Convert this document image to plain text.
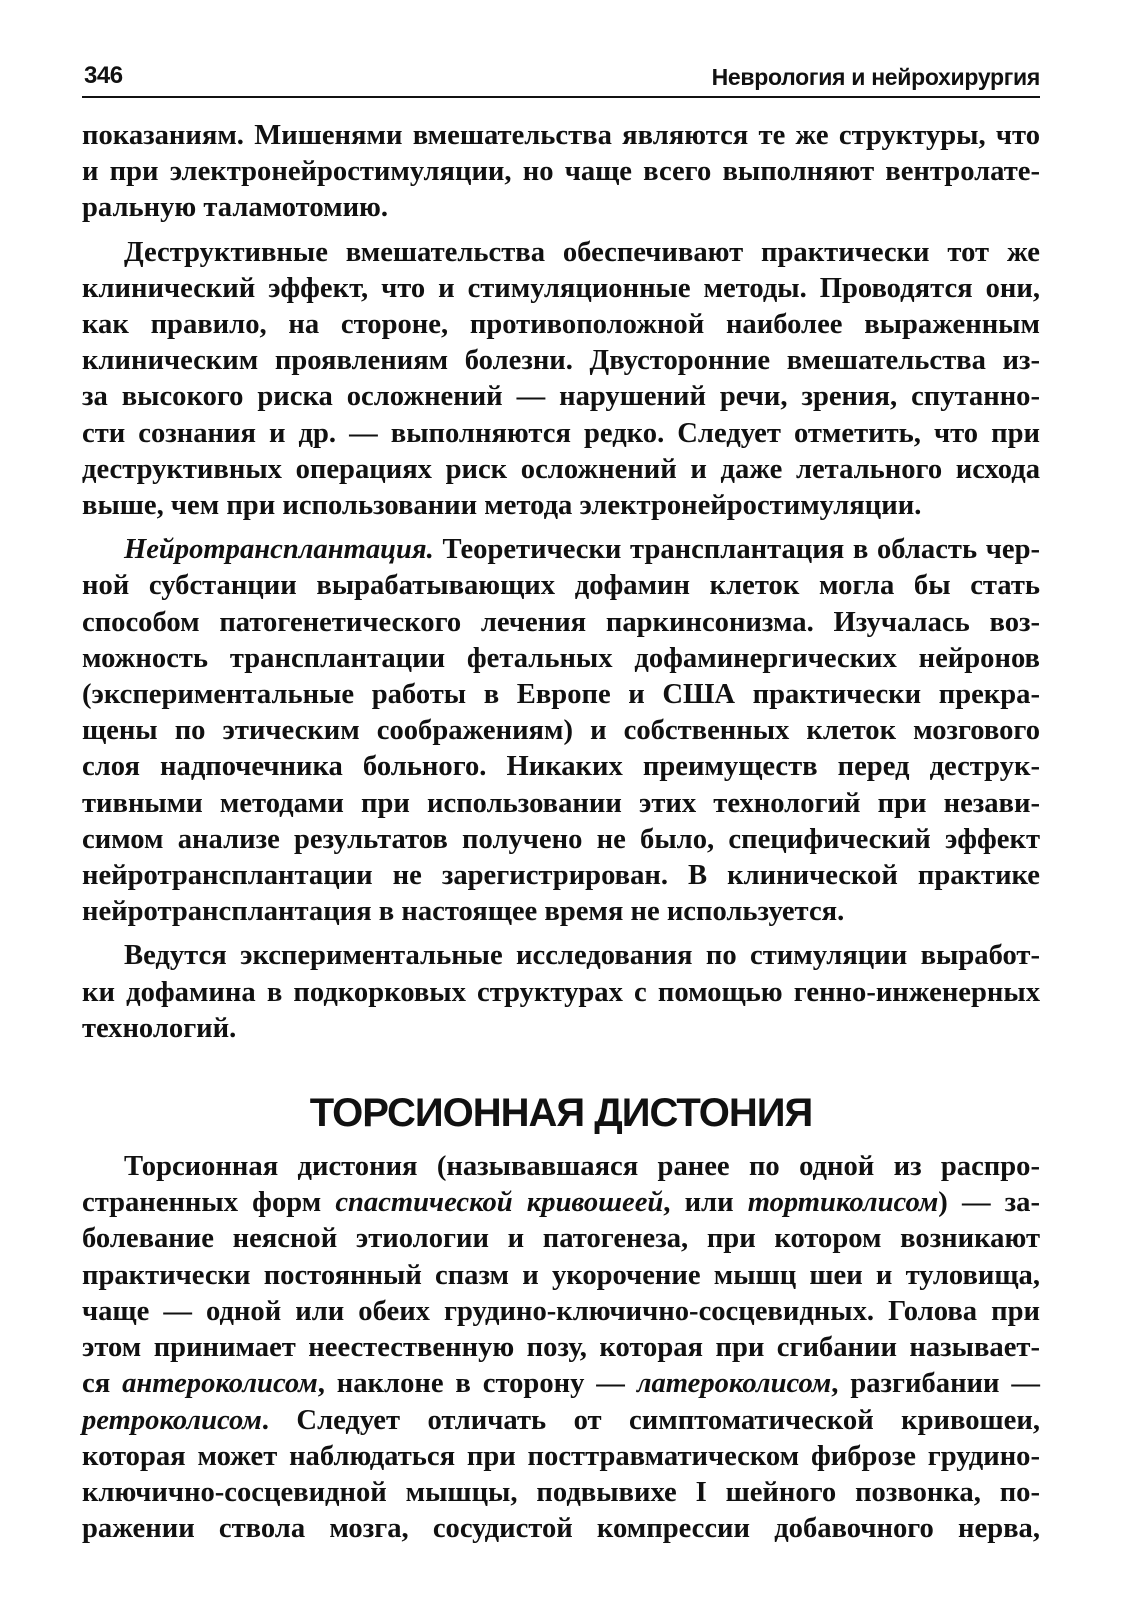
346	Неврология и нейрохирургия
показаниям. Мишенями вмешательства являются те же структуры, что
и при электронейростимуляции, но чаще всего выполняют вентролате-
ральную таламотомию.
Деструктивные вмешательства обеспечивают практически тот же
клинический эффект, что и стимуляционные методы. Проводятся они,
как правило, на стороне, противоположной наиболее выраженным
клиническим проявлениям болезни. Двусторонние вмешательства из-
за высокого риска осложнений — нарушений речи, зрения, спутанно-
сти сознания и др. — выполняются редко. Следует отметить, что при
деструктивных операциях риск осложнений и даже летального исхода
выше, чем при использовании метода электронейростимуляции.
Нейротрансплантация. Теоретически трансплантация в область чер-
ной субстанции вырабатывающих дофамин клеток могла бы стать
способом патогенетического лечения паркинсонизма. Изучалась воз-
можность трансплантации фетальных дофаминергических нейронов
(экспериментальные работы в Европе и США практически прекра-
щены по этическим соображениям) и собственных клеток мозгового
слоя надпочечника больного. Никаких преимуществ перед деструк-
тивными методами при использовании этих технологий при незави-
симом анализе результатов получено не было, специфический эффект
нейротрансплантации не зарегистрирован. В клинической практике
нейротрансплантация в настоящее время не используется.
Ведутся экспериментальные исследования по стимуляции выработ-
ки дофамина в подкорковых структурах с помощью генно-инженерных
технологий.
ТОРСИОННАЯ ДИСТОНИЯ
Торсионная дистония (называвшаяся ранее по одной из распро-
страненных форм спастической кривошеей, или тортиколисом) — за-
болевание неясной этиологии и патогенеза, при котором возникают
практически постоянный спазм и укорочение мышц шеи и туловища,
чаще — одной или обеих грудино-ключично-сосцевидных. Голова при
этом принимает неестественную позу, которая при сгибании называет-
ся антероколисом, наклоне в сторону — латероколисом, разгибании —
ретроколисом. Следует отличать от симптоматической кривошеи,
которая может наблюдаться при посттравматическом фиброзе грудино-
ключично-сосцевидной мышцы, подвывихе I шейного позвонка, по-
ражении ствола мозга, сосудистой компрессии добавочного нерва,
